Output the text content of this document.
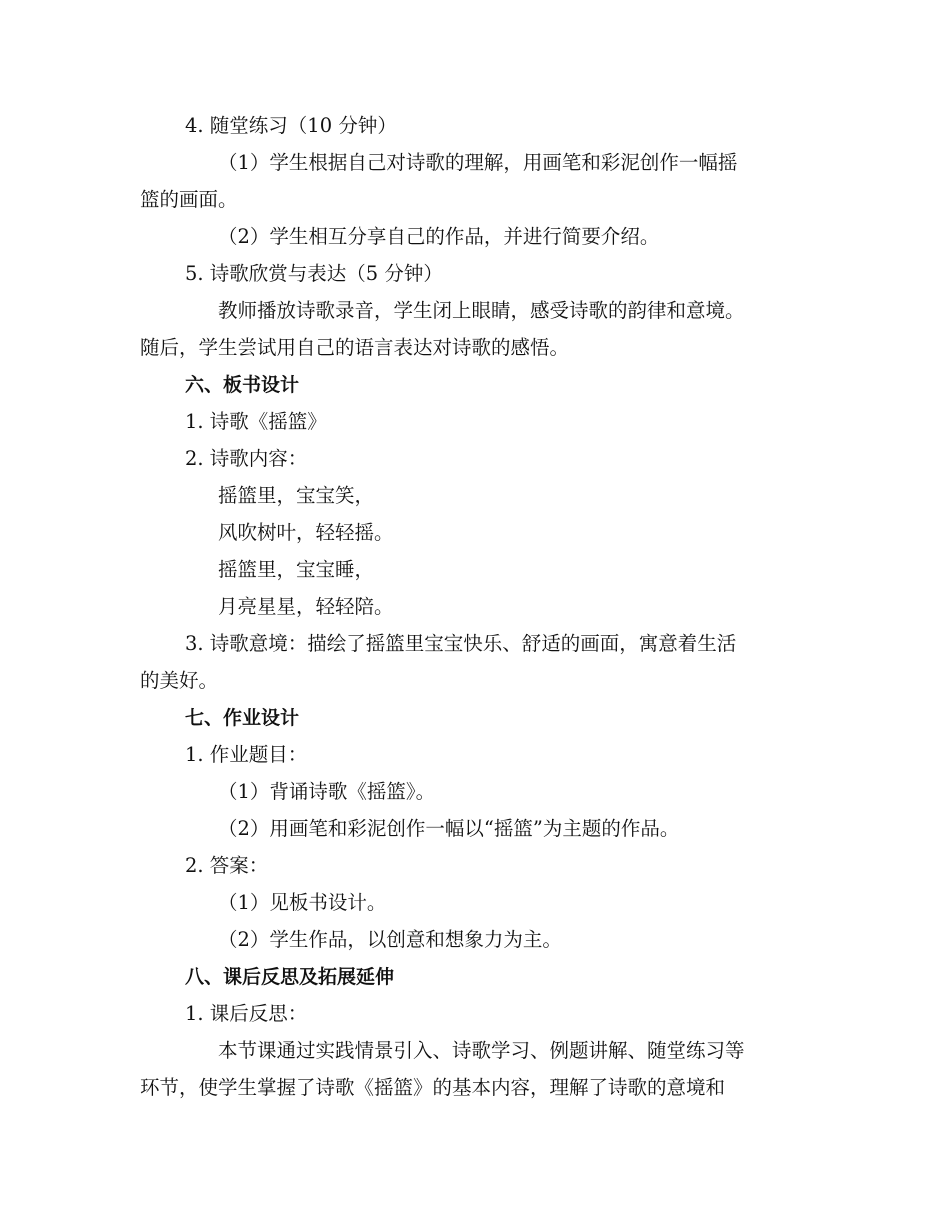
4. 随堂练习（10 分钟）
（1）学生根据自己对诗歌的理解，用画笔和彩泥创作一幅摇
篮的画面。
（2）学生相互分享自己的作品，并进行简要介绍。
5. 诗歌欣赏与表达（5 分钟）
教师播放诗歌录音，学生闭上眼睛，感受诗歌的韵律和意境。
随后，学生尝试用自己的语言表达对诗歌的感悟。
六、板书设计
1. 诗歌《摇篮》
2. 诗歌内容：
摇篮里，宝宝笑，
风吹树叶，轻轻摇。
摇篮里，宝宝睡，
月亮星星，轻轻陪。
3. 诗歌意境：描绘了摇篮里宝宝快乐、舒适的画面，寓意着生活
的美好。
七、作业设计
1. 作业题目：
（1）背诵诗歌《摇篮》。
（2）用画笔和彩泥创作一幅以“摇篮”为主题的作品。
2. 答案：
（1）见板书设计。
（2）学生作品，以创意和想象力为主。
八、课后反思及拓展延伸
1. 课后反思：
本节课通过实践情景引入、诗歌学习、例题讲解、随堂练习等
环节，使学生掌握了诗歌《摇篮》的基本内容，理解了诗歌的意境和
